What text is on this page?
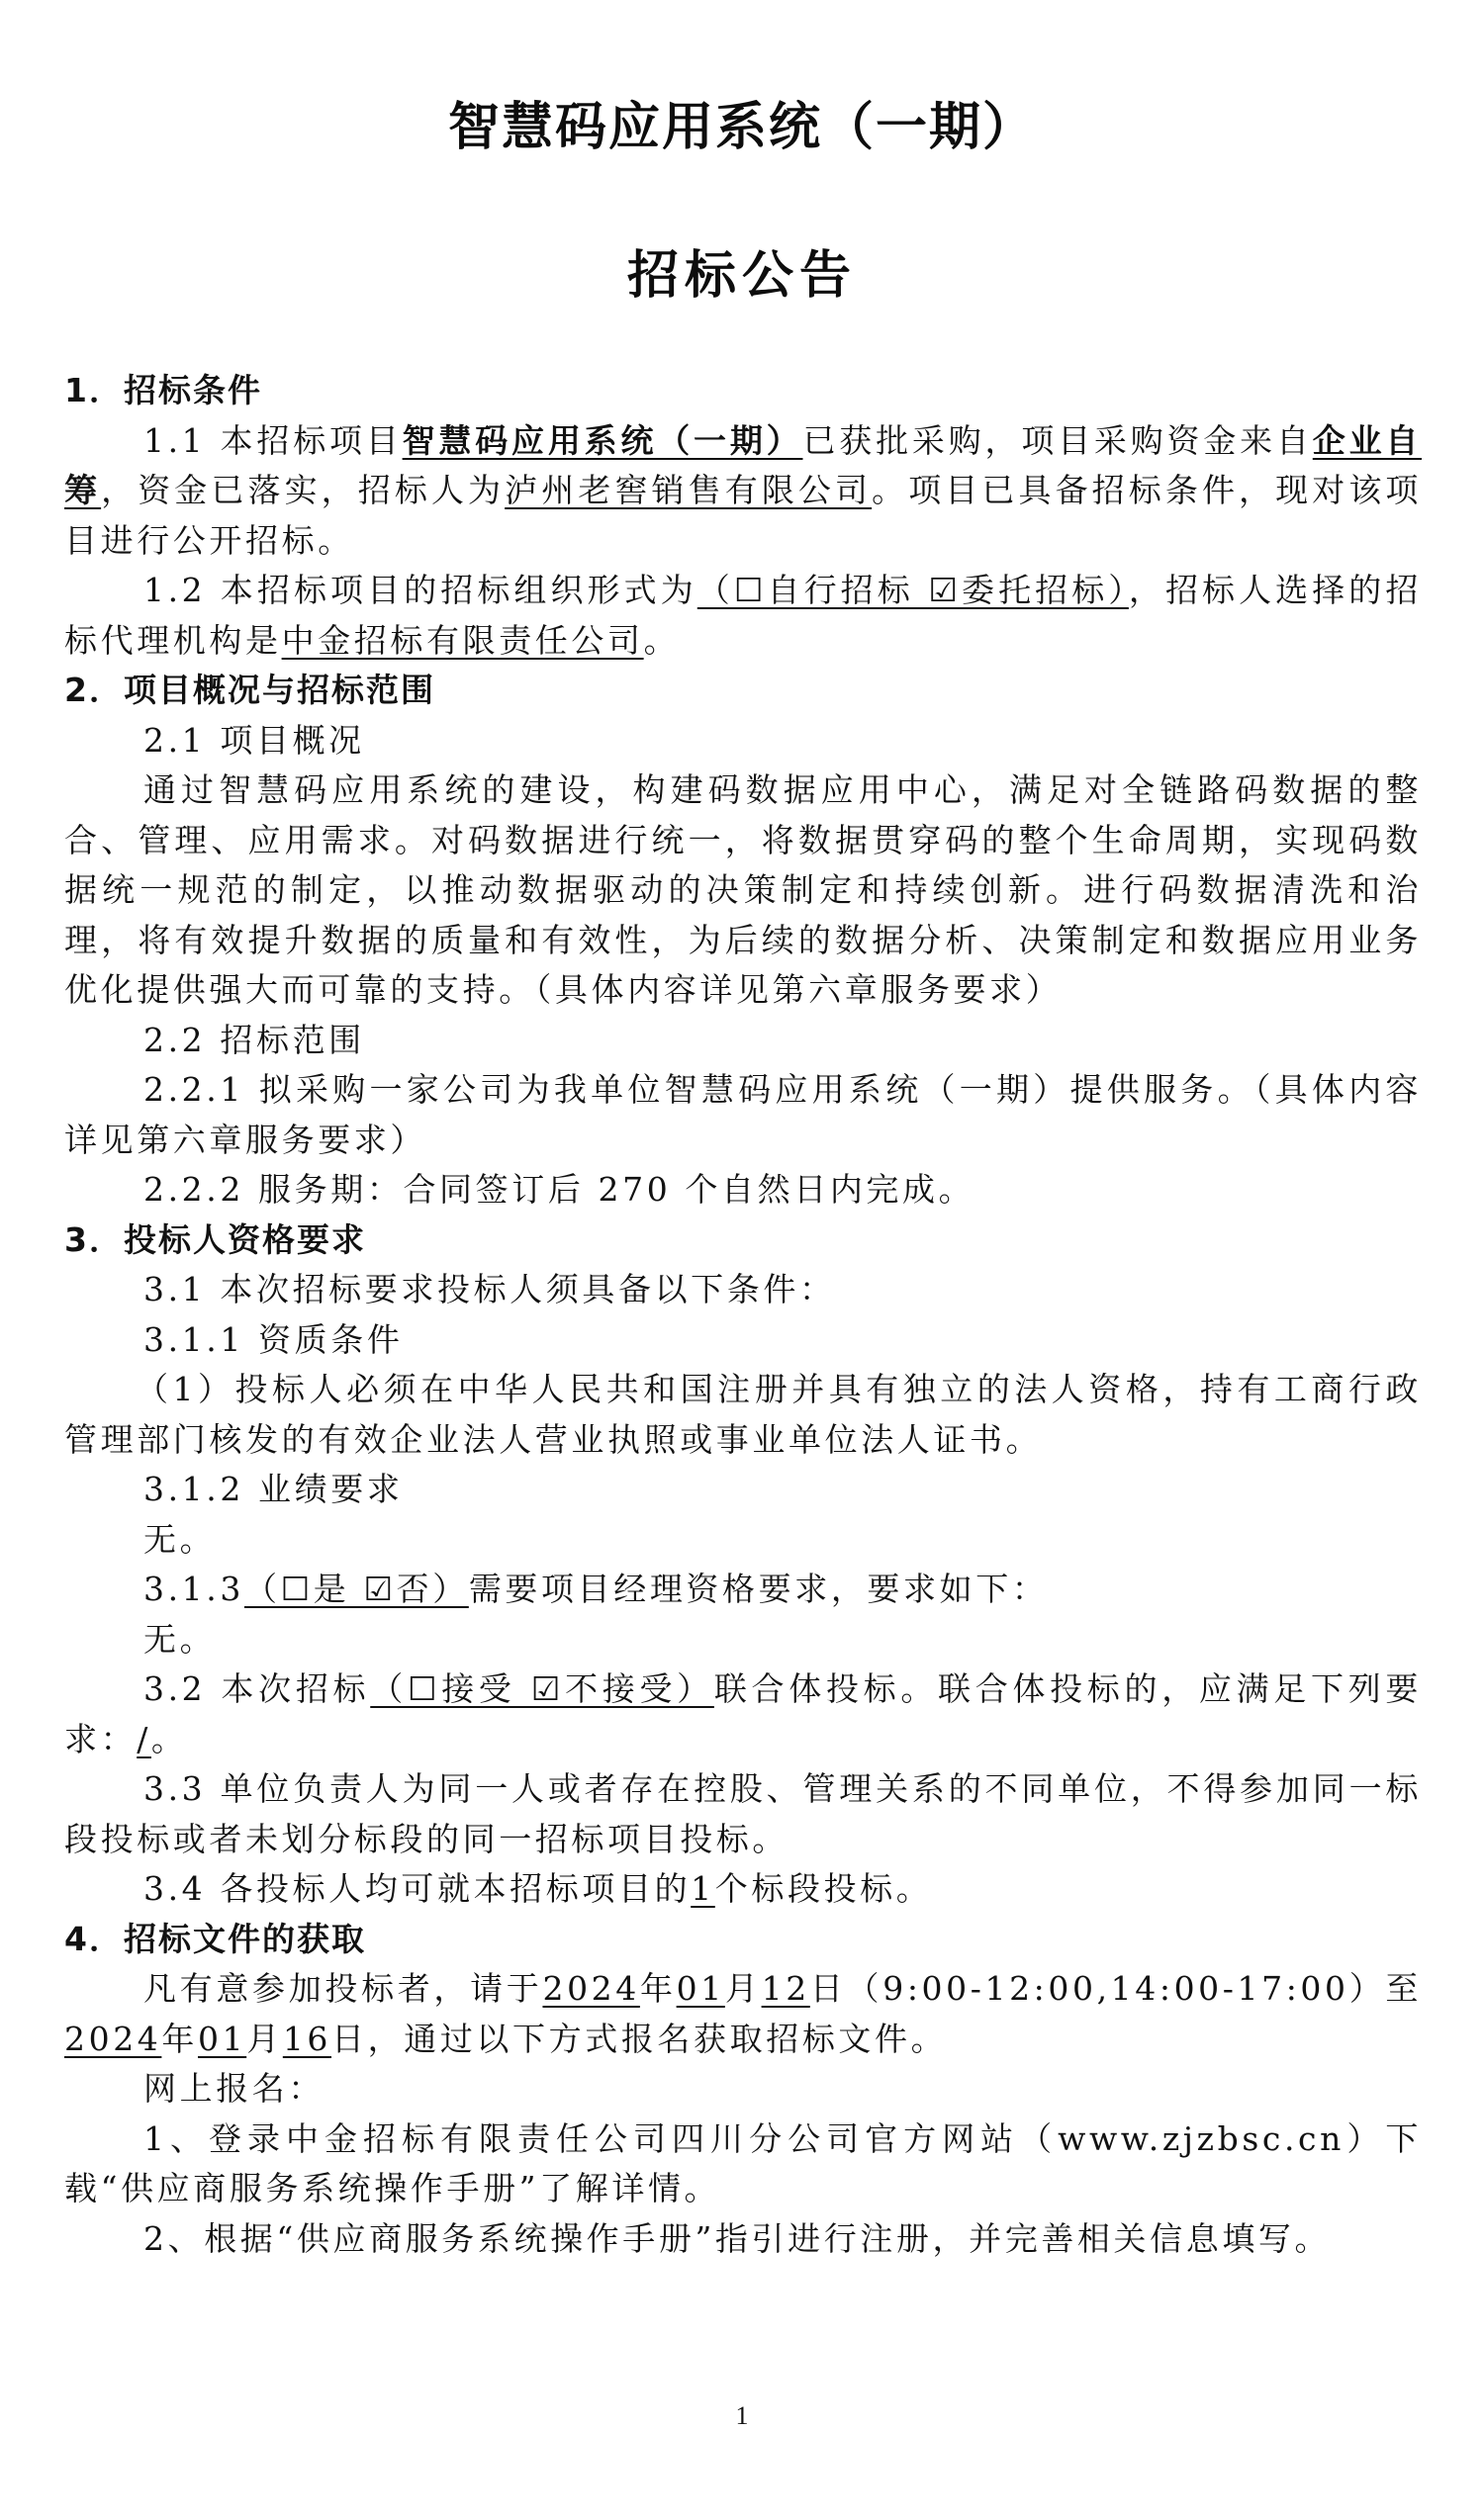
智慧码应用系统（一期）
招标公告
1．招标条件
1.1 本招标项目智慧码应用系统（一期）已获批采购，项目采购资金来自企业自筹，资金已落实，招标人为泸州老窖销售有限公司。项目已具备招标条件，现对该项目进行公开招标。
1.2 本招标项目的招标组织形式为（☐自行招标 ☑委托招标），招标人选择的招标代理机构是中金招标有限责任公司。
2．项目概况与招标范围
2.1 项目概况
通过智慧码应用系统的建设，构建码数据应用中心，满足对全链路码数据的整合、管理、应用需求。对码数据进行统一，将数据贯穿码的整个生命周期，实现码数据统一规范的制定，以推动数据驱动的决策制定和持续创新。进行码数据清洗和治理，将有效提升数据的质量和有效性，为后续的数据分析、决策制定和数据应用业务优化提供强大而可靠的支持。（具体内容详见第六章服务要求）
2.2 招标范围
2.2.1 拟采购一家公司为我单位智慧码应用系统（一期）提供服务。（具体内容详见第六章服务要求）
2.2.2 服务期：合同签订后 270 个自然日内完成。
3．投标人资格要求
3.1 本次招标要求投标人须具备以下条件：
3.1.1 资质条件
（1）投标人必须在中华人民共和国注册并具有独立的法人资格，持有工商行政管理部门核发的有效企业法人营业执照或事业单位法人证书。
3.1.2 业绩要求
无。
3.1.3（☐是 ☑否）需要项目经理资格要求，要求如下：
无。
3.2 本次招标（☐接受 ☑不接受）联合体投标。联合体投标的，应满足下列要求：/。
3.3 单位负责人为同一人或者存在控股、管理关系的不同单位，不得参加同一标段投标或者未划分标段的同一招标项目投标。
3.4 各投标人均可就本招标项目的1个标段投标。
4．招标文件的获取
凡有意参加投标者，请于2024年01月12日（9:00-12:00,14:00-17:00）至2024年01月16日，通过以下方式报名获取招标文件。
网上报名：
1、登录中金招标有限责任公司四川分公司官方网站（www.zjzbsc.cn）下载“供应商服务系统操作手册”了解详情。
2、根据“供应商服务系统操作手册”指引进行注册，并完善相关信息填写。
1
